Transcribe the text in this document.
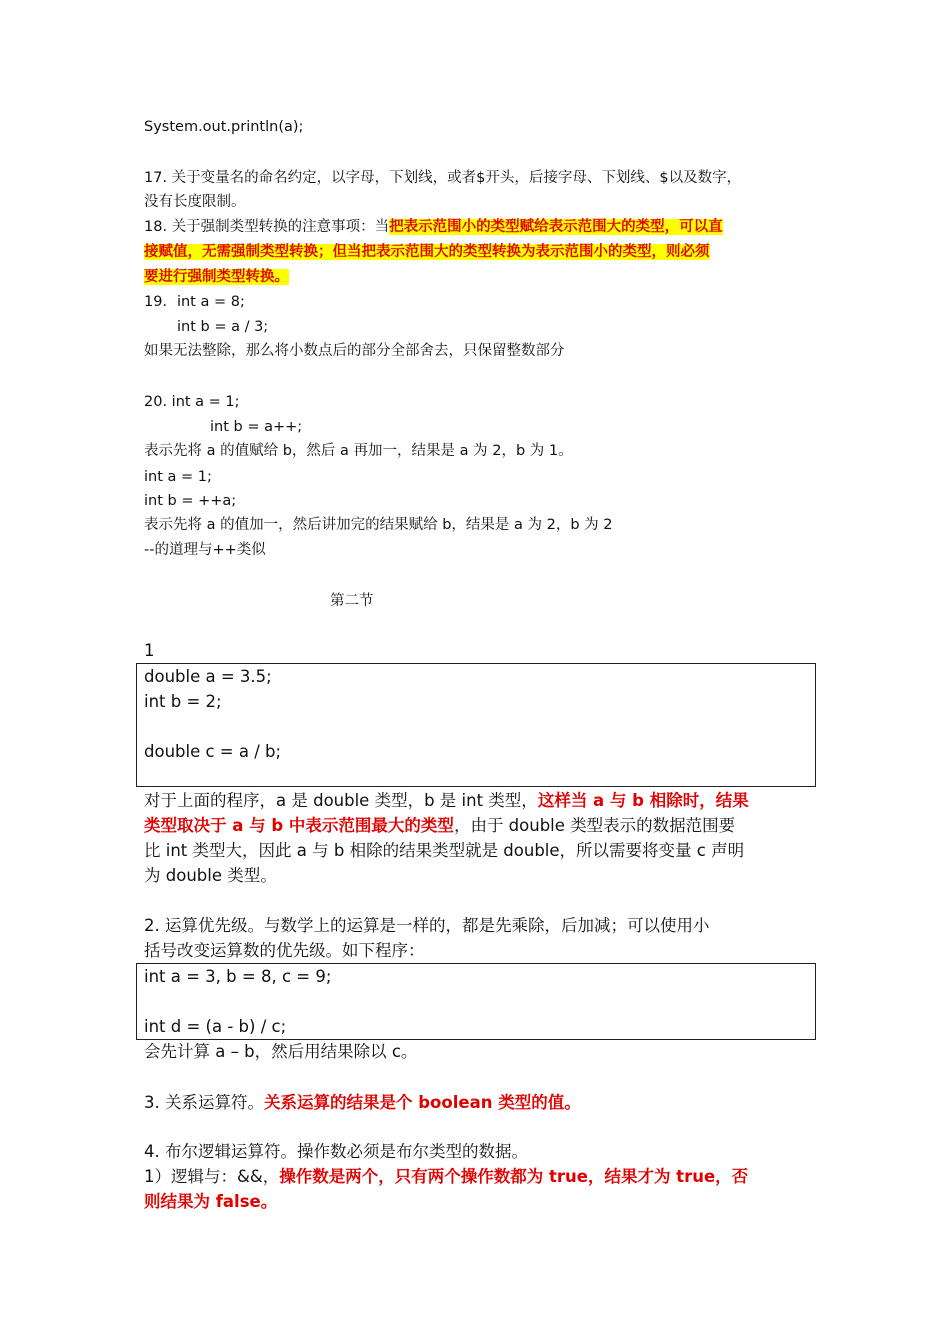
System.out.println(a);
17. 关于变量名的命名约定，以字母，下划线，或者$开头，后接字母、下划线、$以及数字，
没有长度限制。
18. 关于强制类型转换的注意事项：当把表示范围小的类型赋给表示范围大的类型，可以直
接赋值，无需强制类型转换；但当把表示范围大的类型转换为表示范围小的类型，则必须
要进行强制类型转换。
19．int a = 8;
int b = a / 3;
如果无法整除，那么将小数点后的部分全部舍去，只保留整数部分
20. int a = 1;
int b = a++;
表示先将 a 的值赋给 b，然后 a 再加一，结果是 a 为 2，b 为 1。
int a = 1;
int b = ++a;
表示先将 a 的值加一，然后讲加完的结果赋给 b，结果是 a 为 2，b 为 2
--的道理与++类似
第二节
1
double a = 3.5;
int b = 2;
double c = a / b;
对于上面的程序，a 是 double 类型，b 是 int 类型，这样当 a 与 b 相除时，结果
类型取决于 a 与 b 中表示范围最大的类型，由于 double 类型表示的数据范围要
比 int 类型大，因此 a 与 b 相除的结果类型就是 double，所以需要将变量 c 声明
为 double 类型。
2. 运算优先级。与数学上的运算是一样的，都是先乘除，后加减；可以使用小
括号改变运算数的优先级。如下程序：
int a = 3, b = 8, c = 9;
int d = (a - b) / c;
会先计算 a – b，然后用结果除以 c。
3. 关系运算符。关系运算的结果是个 boolean 类型的值。
4. 布尔逻辑运算符。操作数必须是布尔类型的数据。
1）逻辑与：&&，操作数是两个，只有两个操作数都为 true，结果才为 true，否
则结果为 false。
